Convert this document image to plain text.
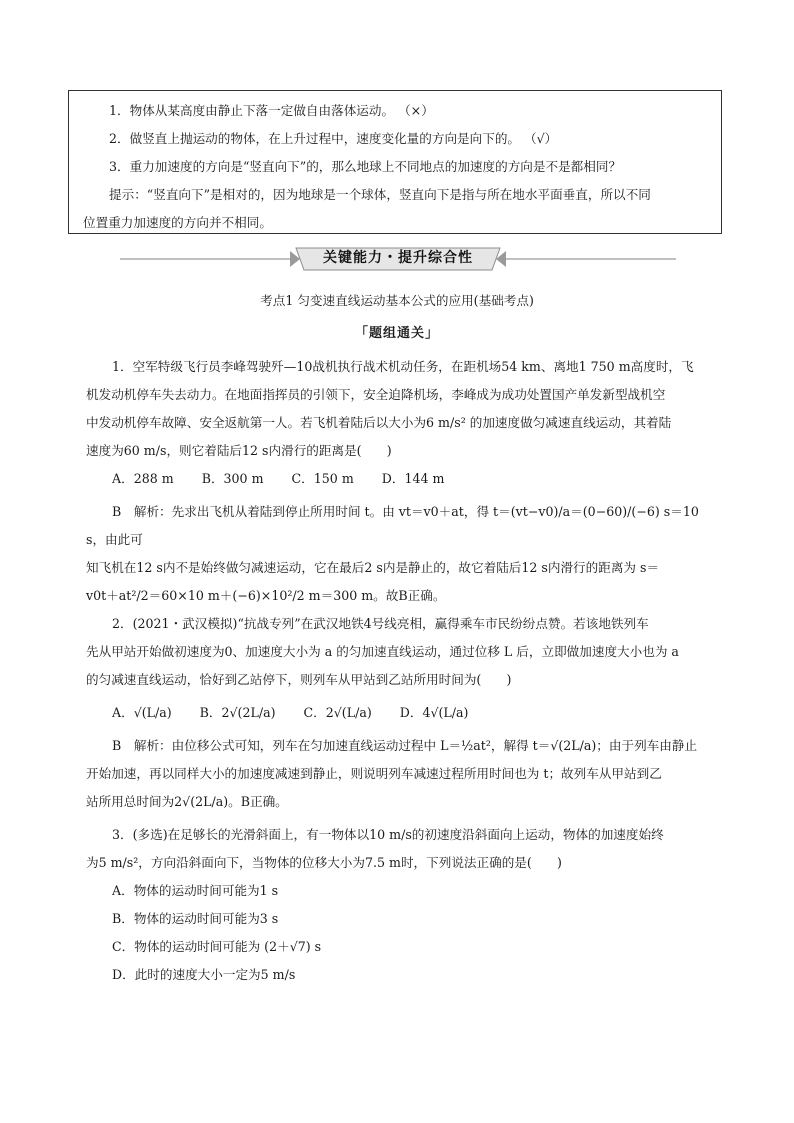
1．物体从某高度由静止下落一定做自由落体运动。 （×）

2．做竖直上抛运动的物体，在上升过程中，速度变化量的方向是向下的。 （√）

3．重力加速度的方向是“竖直向下”的，那么地球上不同地点的加速度的方向是不是都相同？

提示：“竖直向下”是相对的，因为地球是一个球体，竖直向下是指与所在地水平面垂直，所以不同

位置重力加速度的方向并不相同。

关键能力・提升综合性
考点1 匀变速直线运动基本公式的应用(基础考点)
「题组通关」

1．空军特级飞行员李峰驾驶歼—10战机执行战术机动任务，在距机场54 km、离地1 750 m高度时，飞

机发动机停车失去动力。在地面指挥员的引领下，安全迫降机场，李峰成为成功处置国产单发新型战机空

中发动机停车故障、安全返航第一人。若飞机着陆后以大小为6 m/s² 的加速度做匀减速直线运动，其着陆

速度为60 m/s，则它着陆后12 s内滑行的距离是(　　)

A．288 m B．300 m C．150 m D．144 m

B　解析：先求出飞机从着陆到停止所用时间 t。由 vt＝v0＋at，得 t＝(vt−v0)/a＝(0−60)/(−6) s＝10 s，由此可

知飞机在12 s内不是始终做匀减速运动，它在最后2 s内是静止的，故它着陆后12 s内滑行的距离为 s＝

v0t＋at²/2＝60×10 m＋(−6)×10²/2 m＝300 m。故B正确。

2．(2021・武汉模拟)“抗战专列”在武汉地铁4号线亮相，赢得乘车市民纷纷点赞。若该地铁列车

先从甲站开始做初速度为0、加速度大小为 a 的匀加速直线运动，通过位移 L 后，立即做加速度大小也为 a

的匀减速直线运动，恰好到乙站停下，则列车从甲站到乙站所用时间为(　　)

A．√(L/a) B．2√(2L/a) C．2√(L/a) D．4√(L/a)

B　解析：由位移公式可知，列车在匀加速直线运动过程中 L＝½at²，解得 t＝√(2L/a)；由于列车由静止

开始加速，再以同样大小的加速度减速到静止，则说明列车减速过程所用时间也为 t；故列车从甲站到乙

站所用总时间为2√(2L/a)。B正确。

3．(多选)在足够长的光滑斜面上，有一物体以10 m/s的初速度沿斜面向上运动，物体的加速度始终

为5 m/s²，方向沿斜面向下，当物体的位移大小为7.5 m时，下列说法正确的是(　　)

A．物体的运动时间可能为1 s

B．物体的运动时间可能为3 s

C．物体的运动时间可能为 (2＋√7) s

D．此时的速度大小一定为5 m/s
